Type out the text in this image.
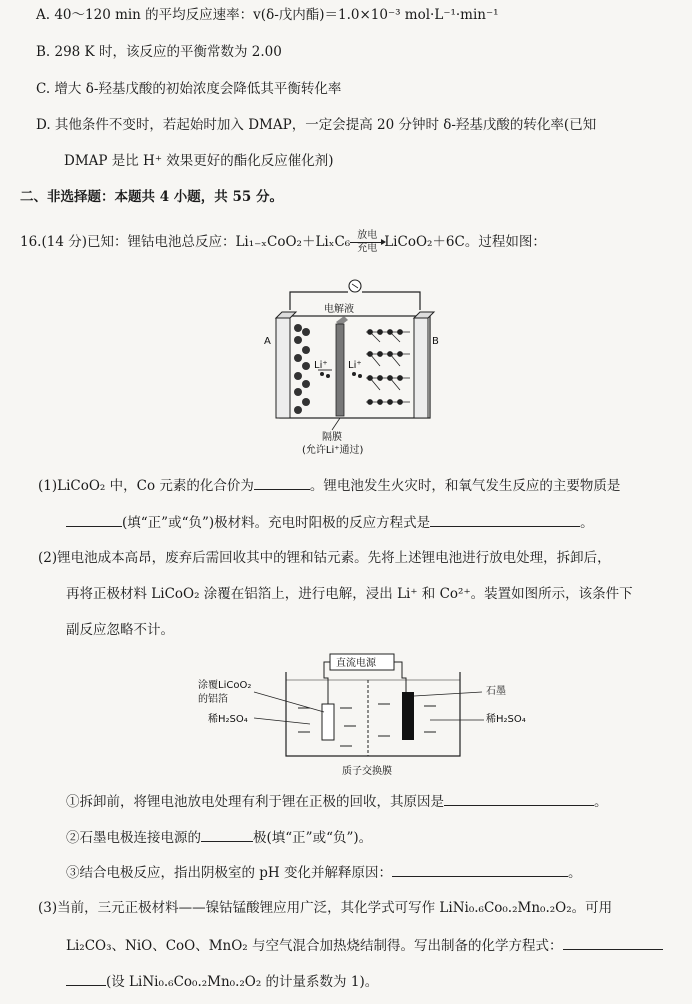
A. 40～120 min 的平均反应速率：v(δ-戊内酯)＝1.0×10⁻³ mol·L⁻¹·min⁻¹
B. 298 K 时，该反应的平衡常数为 2.00
C. 增大 δ-羟基戊酸的初始浓度会降低其平衡转化率
D. 其他条件不变时，若起始时加入 DMAP，一定会提高 20 分钟时 δ-羟基戊酸的转化率(已知
DMAP 是比 H⁺ 效果更好的酯化反应催化剂)
二、非选择题：本题共 4 小题，共 55 分。
16.(14 分)已知：锂钴电池总反应：$Li_{1-x}CoO_2+Li_xC_6 \frac{\text{放电}}{\text{充电}}$ LiCoO₂＋6C。过程如图：
电解液
A	B
Li⁺ Li⁺
隔膜
(允许Li⁺通过)
(1)LiCoO₂ 中，Co 元素的化合价为	。锂电池发生火灾时，和氧气发生反应的主要物质是
(填“正”或“负”)极材料。充电时阳极的反应方程式是	。
(2)锂电池成本高昂，废弃后需回收其中的锂和钴元素。先将上述锂电池进行放电处理，拆卸后，
再将正极材料 LiCoO₂ 涂覆在铝箔上，进行电解，浸出 Li⁺ 和 Co²⁺。装置如图所示，该条件下
副反应忽略不计。
直流电源
涂覆LiCoO₂
的铝箔
稀H₂SO₄
石墨
稀H₂SO₄
质子交换膜
①拆卸前，将锂电池放电处理有利于锂在正极的回收，其原因是	。
②石墨电极连接电源的	极(填“正”或“负”)。
③结合电极反应，指出阴极室的 pH 变化并解释原因：	。
(3)当前，三元正极材料——镍钴锰酸锂应用广泛，其化学式可写作 LiNi₀.₆Co₀.₂Mn₀.₂O₂。可用
Li₂CO₃、NiO、CoO、MnO₂ 与空气混合加热烧结制得。写出制备的化学方程式：
(设 LiNi₀.₆Co₀.₂Mn₀.₂O₂ 的计量系数为 1)。
